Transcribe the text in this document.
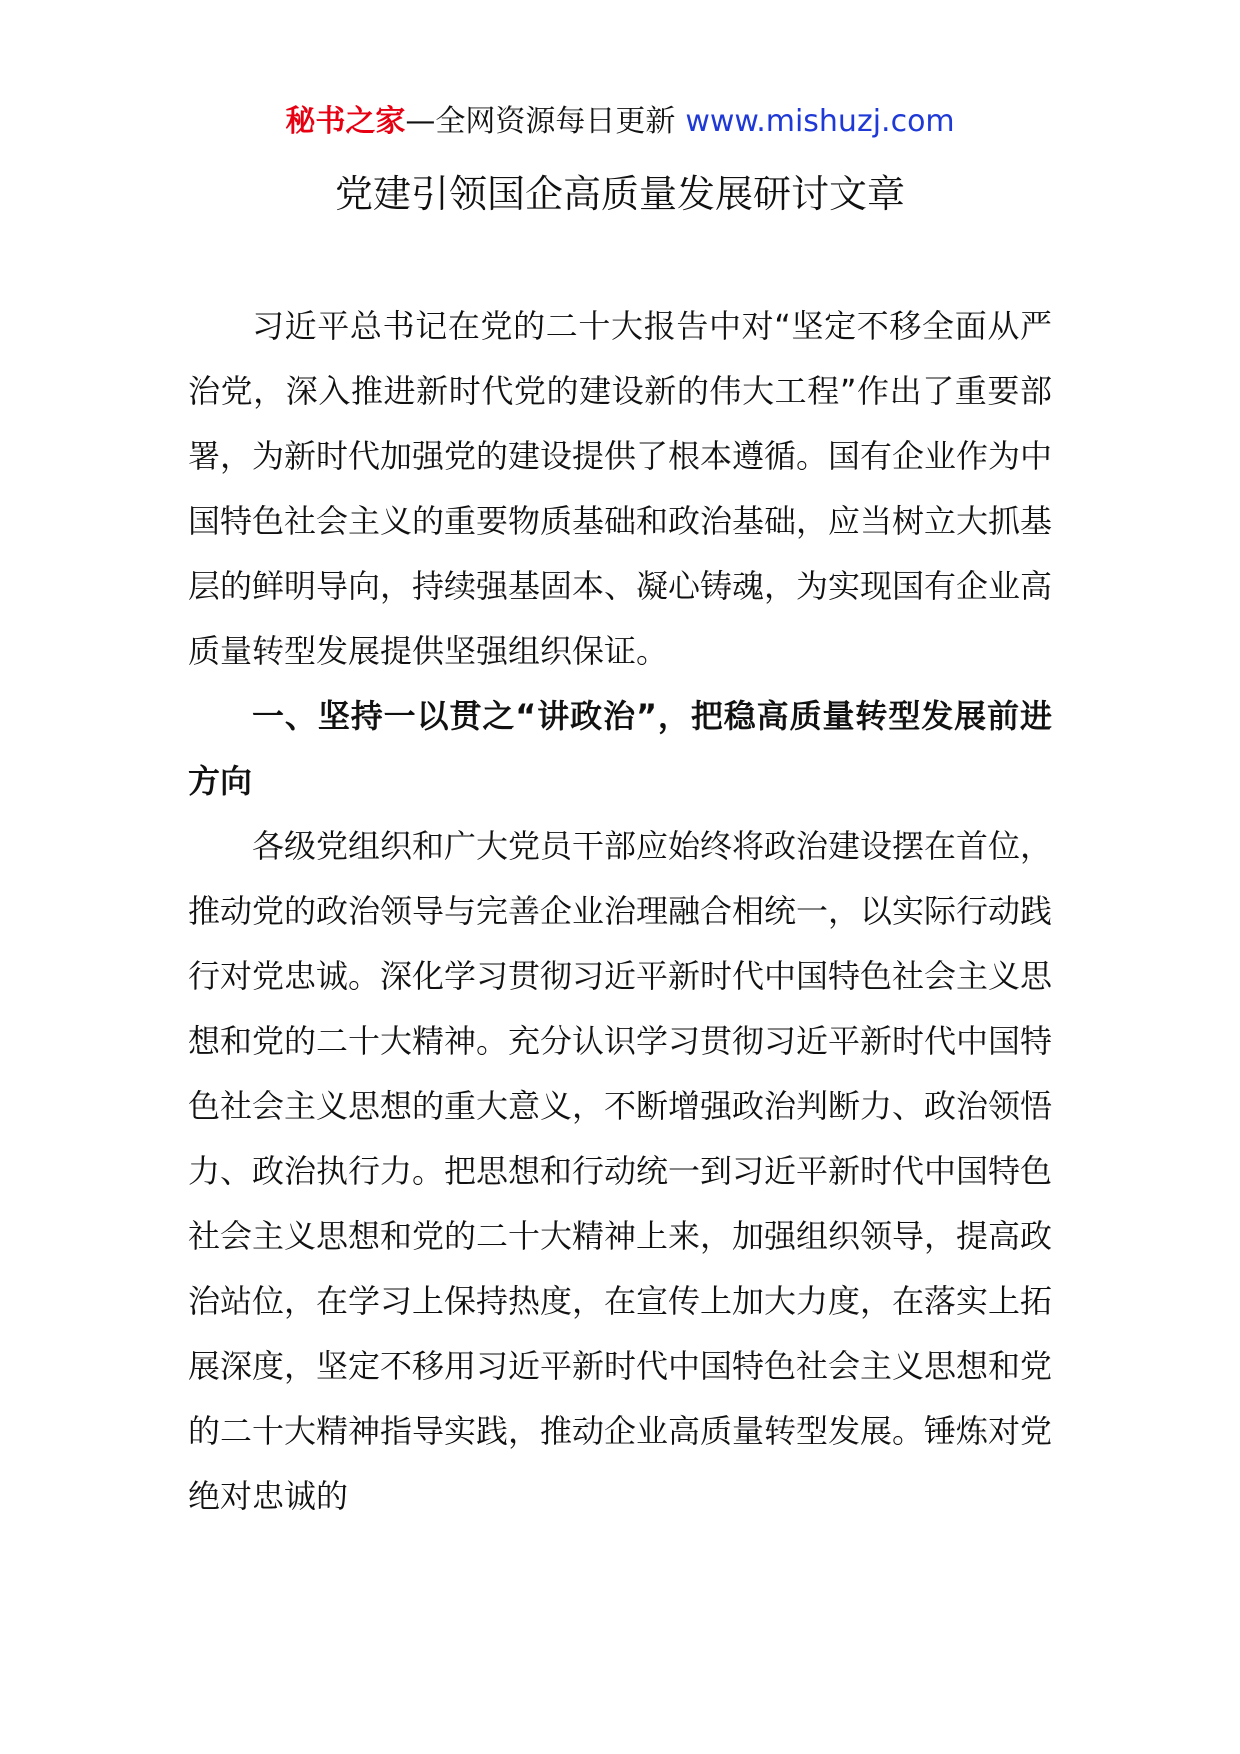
秘书之家—全网资源每日更新 www.mishuzj.com
党建引领国企高质量发展研讨文章

习近平总书记在党的二十大报告中对“坚定不移全面从严治党，深入推进新时代党的建设新的伟大工程”作出了重要部署，为新时代加强党的建设提供了根本遵循。国有企业作为中国特色社会主义的重要物质基础和政治基础，应当树立大抓基层的鲜明导向，持续强基固本、凝心铸魂，为实现国有企业高质量转型发展提供坚强组织保证。

一、坚持一以贯之“讲政治”，把稳高质量转型发展前进方向

各级党组织和广大党员干部应始终将政治建设摆在首位，推动党的政治领导与完善企业治理融合相统一，以实际行动践行对党忠诚。深化学习贯彻习近平新时代中国特色社会主义思想和党的二十大精神。充分认识学习贯彻习近平新时代中国特色社会主义思想的重大意义，不断增强政治判断力、政治领悟力、政治执行力。把思想和行动统一到习近平新时代中国特色社会主义思想和党的二十大精神上来，加强组织领导，提高政治站位，在学习上保持热度，在宣传上加大力度，在落实上拓展深度，坚定不移用习近平新时代中国特色社会主义思想和党的二十大精神指导实践，推动企业高质量转型发展。锤炼对党绝对忠诚的
